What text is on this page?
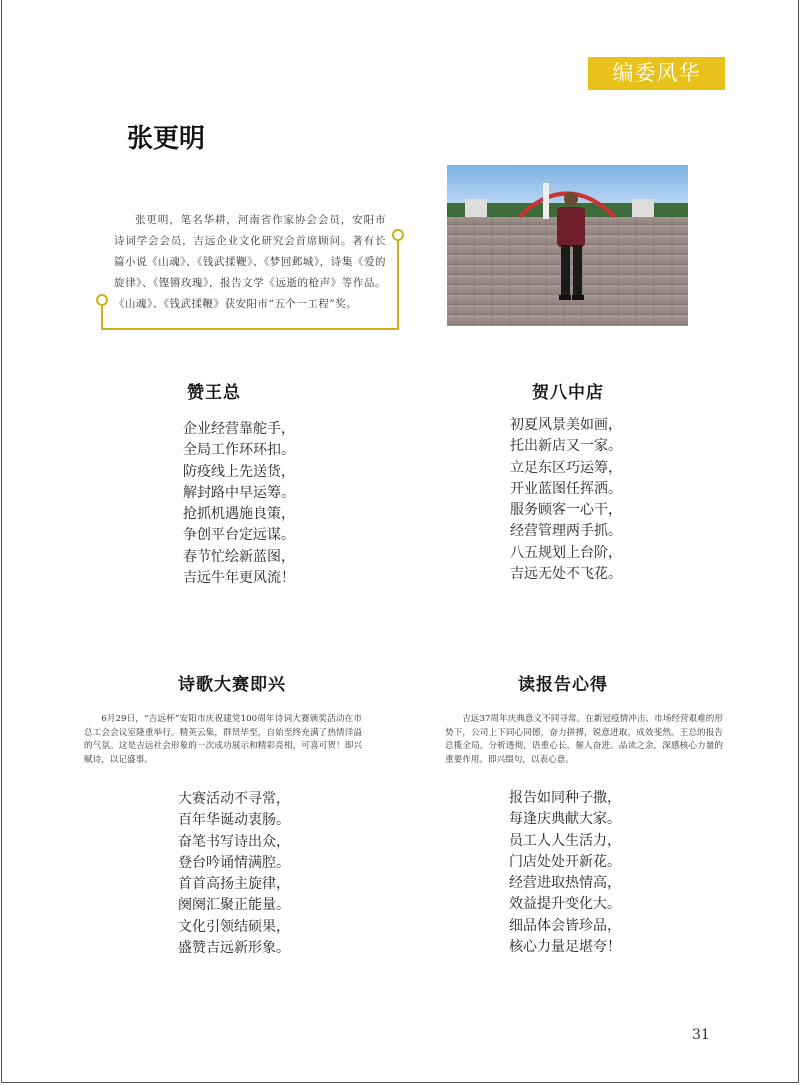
编委风华
张更明
张更明，笔名华耕，河南省作家协会会员，安阳市诗词学会会员，吉远企业文化研究会首席顾问。著有长篇小说《山魂》、《钱武揉鞭》、《梦回邺城》，诗集《爱的旋律》、《铿锵玫瑰》，报告文学《远逝的枪声》等作品。《山魂》、《钱武揉鞭》获安阳市“五个一工程”奖。
赞王总
企业经营靠舵手，
全局工作环环扣。
防疫线上先送货，
解封路中早运筹。
抢抓机遇施良策，
争创平台定远谋。
春节忙绘新蓝图，
吉远牛年更风流！
贺八中店
初夏风景美如画，
托出新店又一家。
立足东区巧运筹，
开业蓝图任挥洒。
服务顾客一心干，
经营管理两手抓。
八五规划上台阶，
吉远无处不飞花。
诗歌大赛即兴
6月29日，“吉远杯”安阳市庆祝建党100周年诗词大赛颁奖活动在市总工会会议室隆重举行。精英云集，群贤毕至，自始至终充满了热情洋溢的气氛。这是吉远社会形象的一次成功展示和精彩亮相，可喜可贺！即兴赋诗，以记盛事。
大赛活动不寻常，
百年华诞动衷肠。
奋笔书写诗出众，
登台吟诵情满腔。
首首高扬主旋律，
阕阕汇聚正能量。
文化引领结硕果，
盛赞吉远新形象。
读报告心得
吉远37周年庆典意义不同寻常。在新冠疫情冲击、市场经营艰难的形势下，公司上下同心同德，奋力拼搏，锐意进取，成效斐然。王总的报告总揽全局，分析透彻，语重心长，催人奋进。品读之余，深感核心力量的重要作用。即兴缀句，以表心意。
报告如同种子撒，
每逢庆典献大家。
员工人人生活力，
门店处处开新花。
经营进取热情高，
效益提升变化大。
细品体会皆珍品，
核心力量足堪夸！
31
